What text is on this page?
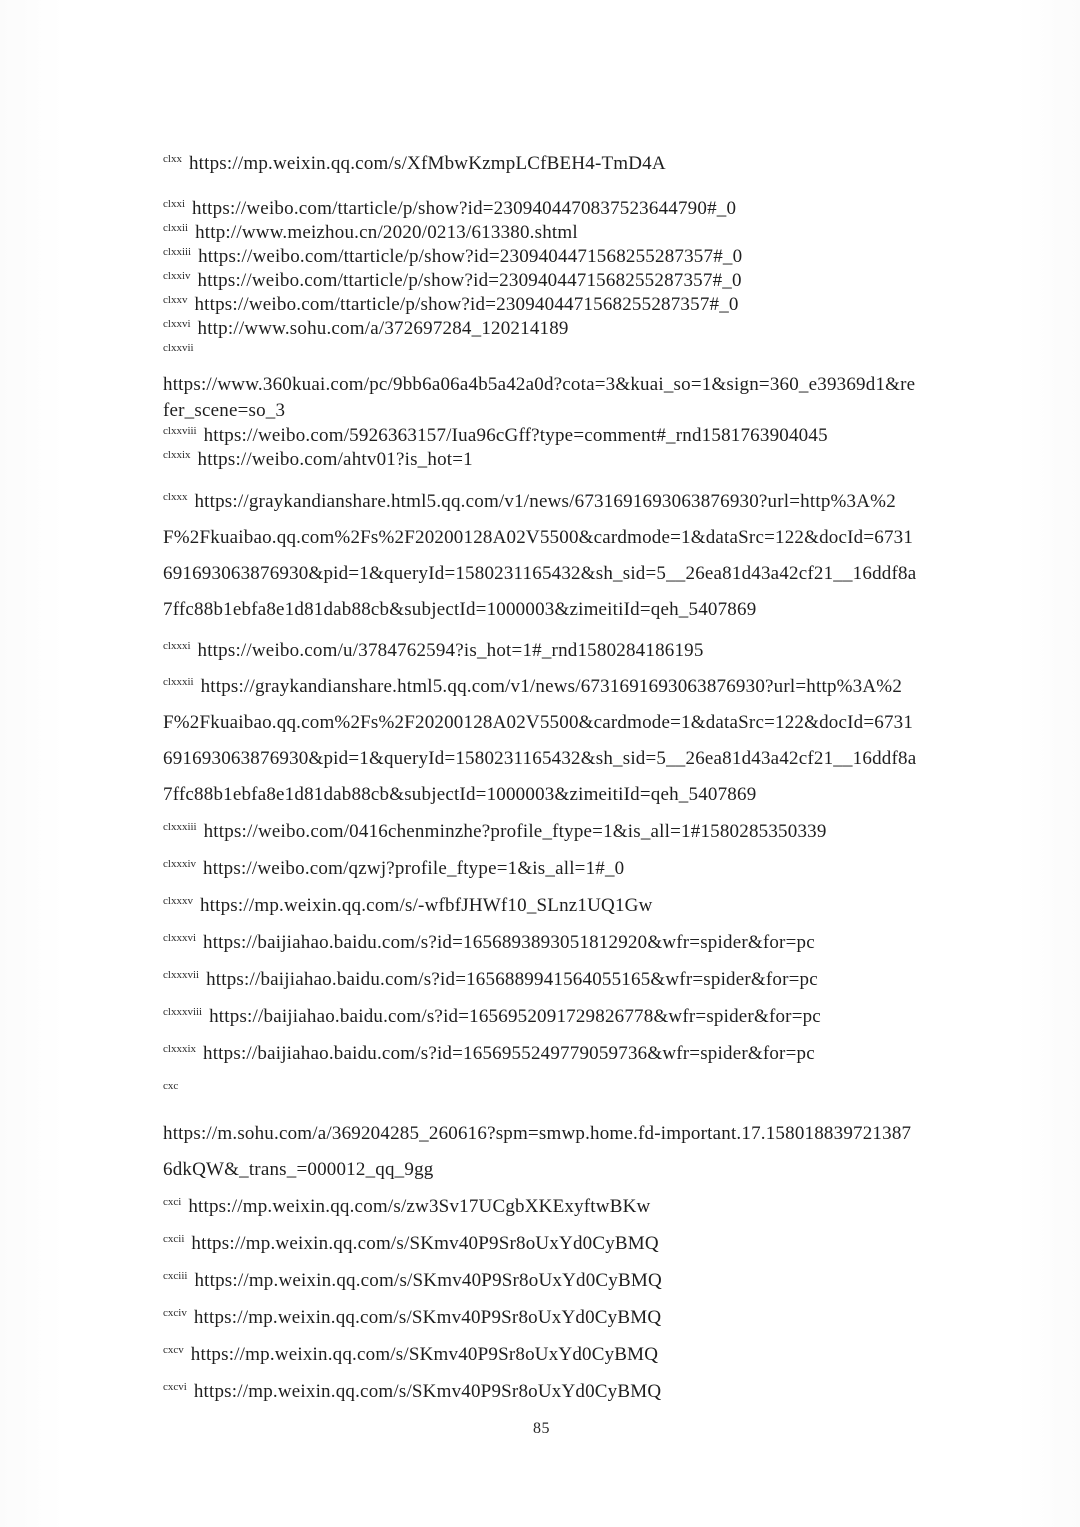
$^{clxx}$ https://mp.weixin.qq.com/s/XfMbwKzmpLCfBEH4-TmD4A

$^{clxxi}$ https://weibo.com/ttarticle/p/show?id=2309404470837523644790#_0

$^{clxxii}$ http://www.meizhou.cn/2020/0213/613380.shtml

$^{clxxiii}$ https://weibo.com/ttarticle/p/show?id=2309404471568255287357#_0

$^{clxxiv}$ https://weibo.com/ttarticle/p/show?id=2309404471568255287357#_0

$^{clxxv}$ https://weibo.com/ttarticle/p/show?id=2309404471568255287357#_0

$^{clxxvi}$ http://www.sohu.com/a/372697284_120214189

$^{clxxvii}$

https://www.360kuai.com/pc/9bb6a06a4b5a42a0d?cota=3&kuai_so=1&sign=360_e39369d1&refer_scene=so_3

$^{clxxviii}$ https://weibo.com/5926363157/Iua96cGff?type=comment#_rnd1581763904045

$^{clxxix}$ https://weibo.com/ahtv01?is_hot=1

$^{clxxx}$ https://graykandianshare.html5.qq.com/v1/news/6731691693063876930?url=http%3A%2F%2Fkuaibao.qq.com%2Fs%2F20200128A02V5500&cardmode=1&dataSrc=122&docId=6731691693063876930&pid=1&queryId=1580231165432&sh_sid=5__26ea81d43a42cf21__16ddf8a7ffc88b1ebfa8e1d81dab88cb&subjectId=1000003&zimeitiId=qeh_5407869

$^{clxxxi}$ https://weibo.com/u/3784762594?is_hot=1#_rnd1580284186195

$^{clxxxii}$ https://graykandianshare.html5.qq.com/v1/news/6731691693063876930?url=http%3A%2F%2Fkuaibao.qq.com%2Fs%2F20200128A02V5500&cardmode=1&dataSrc=122&docId=6731691693063876930&pid=1&queryId=1580231165432&sh_sid=5__26ea81d43a42cf21__16ddf8a7ffc88b1ebfa8e1d81dab88cb&subjectId=1000003&zimeitiId=qeh_5407869

$^{clxxxiii}$ https://weibo.com/0416chenminzhe?profile_ftype=1&is_all=1#1580285350339

$^{clxxxiv}$ https://weibo.com/qzwj?profile_ftype=1&is_all=1#_0

$^{clxxxv}$ https://mp.weixin.qq.com/s/-wfbfJHWf10_SLnz1UQ1Gw

$^{clxxxvi}$ https://baijiahao.baidu.com/s?id=1656893893051812920&wfr=spider&for=pc

$^{clxxxvii}$ https://baijiahao.baidu.com/s?id=1656889941564055165&wfr=spider&for=pc

$^{clxxxviii}$ https://baijiahao.baidu.com/s?id=1656952091729826778&wfr=spider&for=pc

$^{clxxxix}$ https://baijiahao.baidu.com/s?id=1656955249779059736&wfr=spider&for=pc

$^{cxc}$

https://m.sohu.com/a/369204285_260616?spm=smwp.home.fd-important.17.1580188397213876dkQW&_trans_=000012_qq_9gg

$^{cxci}$ https://mp.weixin.qq.com/s/zw3Sv17UCgbXKExyftwBKw

$^{cxcii}$ https://mp.weixin.qq.com/s/SKmv40P9Sr8oUxYd0CyBMQ

$^{cxciii}$ https://mp.weixin.qq.com/s/SKmv40P9Sr8oUxYd0CyBMQ

$^{cxciv}$ https://mp.weixin.qq.com/s/SKmv40P9Sr8oUxYd0CyBMQ

$^{cxcv}$ https://mp.weixin.qq.com/s/SKmv40P9Sr8oUxYd0CyBMQ

$^{cxcvi}$ https://mp.weixin.qq.com/s/SKmv40P9Sr8oUxYd0CyBMQ

85
